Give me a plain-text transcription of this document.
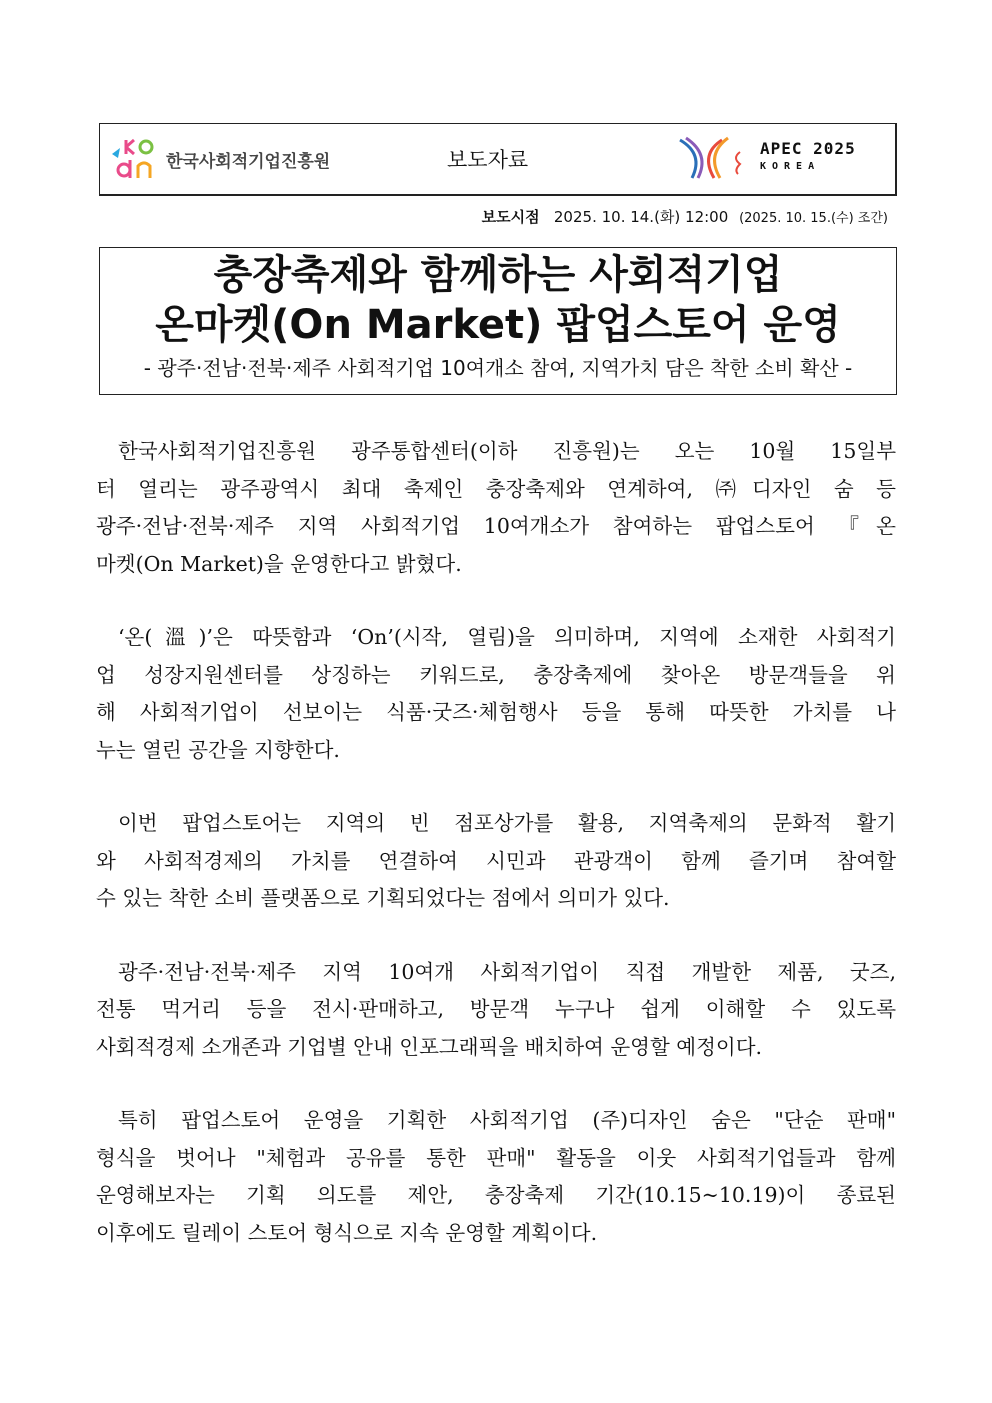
한국사회적기업진흥원	보도자료	APEC 2025
KOREA
보도시점 2025. 10. 14.(화) 12:00 (2025. 10. 15.(수) 조간)
충장축제와 함께하는 사회적기업
온마켓(On Market) 팝업스토어 운영
- 광주·전남·전북·제주 사회적기업 10여개소 참여, 지역가치 담은 착한 소비 확산 -
한국사회적기업진흥원 광주통합센터(이하 진흥원)는 오는 10월 15일부
터 열리는 광주광역시 최대 축제인 충장축제와 연계하여, ㈜디자인 숨 등
광주·전남·전북·제주 지역 사회적기업 10여개소가 참여하는 팝업스토어 『온
마켓(On Market)을 운영한다고 밝혔다.
‘온(溫)’은 따뜻함과 ‘On’(시작, 열림)을 의미하며, 지역에 소재한 사회적기
업 성장지원센터를 상징하는 키워드로, 충장축제에 찾아온 방문객들을 위
해 사회적기업이 선보이는 식품·굿즈·체험행사 등을 통해 따뜻한 가치를 나
누는 열린 공간을 지향한다.
이번 팝업스토어는 지역의 빈 점포상가를 활용, 지역축제의 문화적 활기
와 사회적경제의 가치를 연결하여 시민과 관광객이 함께 즐기며 참여할
수 있는 착한 소비 플랫폼으로 기획되었다는 점에서 의미가 있다.
광주·전남·전북·제주 지역 10여개 사회적기업이 직접 개발한 제품, 굿즈,
전통 먹거리 등을 전시·판매하고, 방문객 누구나 쉽게 이해할 수 있도록
사회적경제 소개존과 기업별 안내 인포그래픽을 배치하여 운영할 예정이다.
특히 팝업스토어 운영을 기획한 사회적기업 (주)디자인 숨은 "단순 판매"
형식을 벗어나 "체험과 공유를 통한 판매" 활동을 이웃 사회적기업들과 함께
운영해보자는 기획 의도를 제안, 충장축제 기간(10.15~10.19)이 종료된
이후에도 릴레이 스토어 형식으로 지속 운영할 계획이다.
